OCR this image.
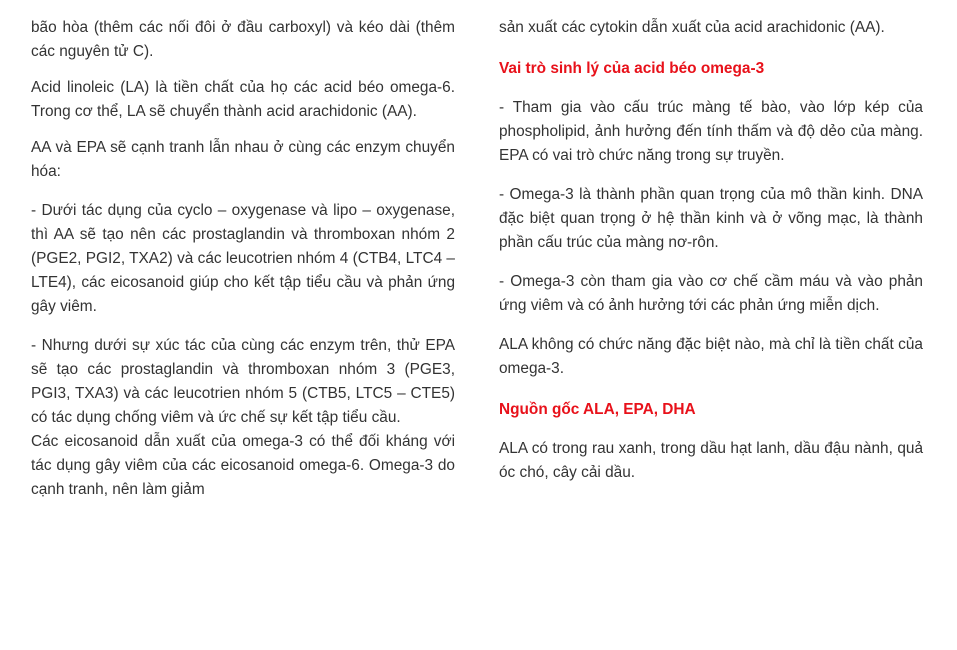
bão hòa (thêm các nối đôi ở đầu carboxyl) và kéo dài (thêm các nguyên tử C).

Acid linoleic (LA) là tiền chất của họ các acid béo omega-6. Trong cơ thể, LA sẽ chuyển thành acid arachidonic (AA).

AA và EPA sẽ cạnh tranh lẫn nhau ở cùng các enzym chuyển hóa:

- Dưới tác dụng của cyclo – oxygenase và lipo – oxygenase, thì AA sẽ tạo nên các prostaglandin và thromboxan nhóm 2 (PGE2, PGI2, TXA2) và các leucotrien nhóm 4 (CTB4, LTC4 – LTE4), các eicosanoid giúp cho kết tập tiểu cầu và phản ứng gây viêm.

- Nhưng dưới sự xúc tác của cùng các enzym trên, thử EPA sẽ tạo các prostaglandin và thromboxan nhóm 3 (PGE3, PGI3, TXA3) và các leucotrien nhóm 5 (CTB5, LTC5 – CTE5) có tác dụng chống viêm và ức chế sự kết tập tiểu cầu.

Các eicosanoid dẫn xuất của omega-3 có thể đối kháng với tác dụng gây viêm của các eicosanoid omega-6. Omega-3 do cạnh tranh, nên làm giảm

sản xuất các cytokin dẫn xuất của acid arachidonic (AA).

Vai trò sinh lý của acid béo omega-3

- Tham gia vào cấu trúc màng tế bào, vào lớp kép của phospholipid, ảnh hưởng đến tính thấm và độ dẻo của màng. EPA có vai trò chức năng trong sự truyền.

- Omega-3 là thành phần quan trọng của mô thần kinh. DNA đặc biệt quan trọng ở hệ thần kinh và ở võng mạc, là thành phần cấu trúc của màng nơ-rôn.

- Omega-3 còn tham gia vào cơ chế cầm máu và vào phản ứng viêm và có ảnh hưởng tới các phản ứng miễn dịch.

ALA không có chức năng đặc biệt nào, mà chỉ là tiền chất của omega-3.

Nguồn gốc ALA, EPA, DHA

ALA có trong rau xanh, trong dầu hạt lanh, dầu đậu nành, quả óc chó, cây cải dầu.
